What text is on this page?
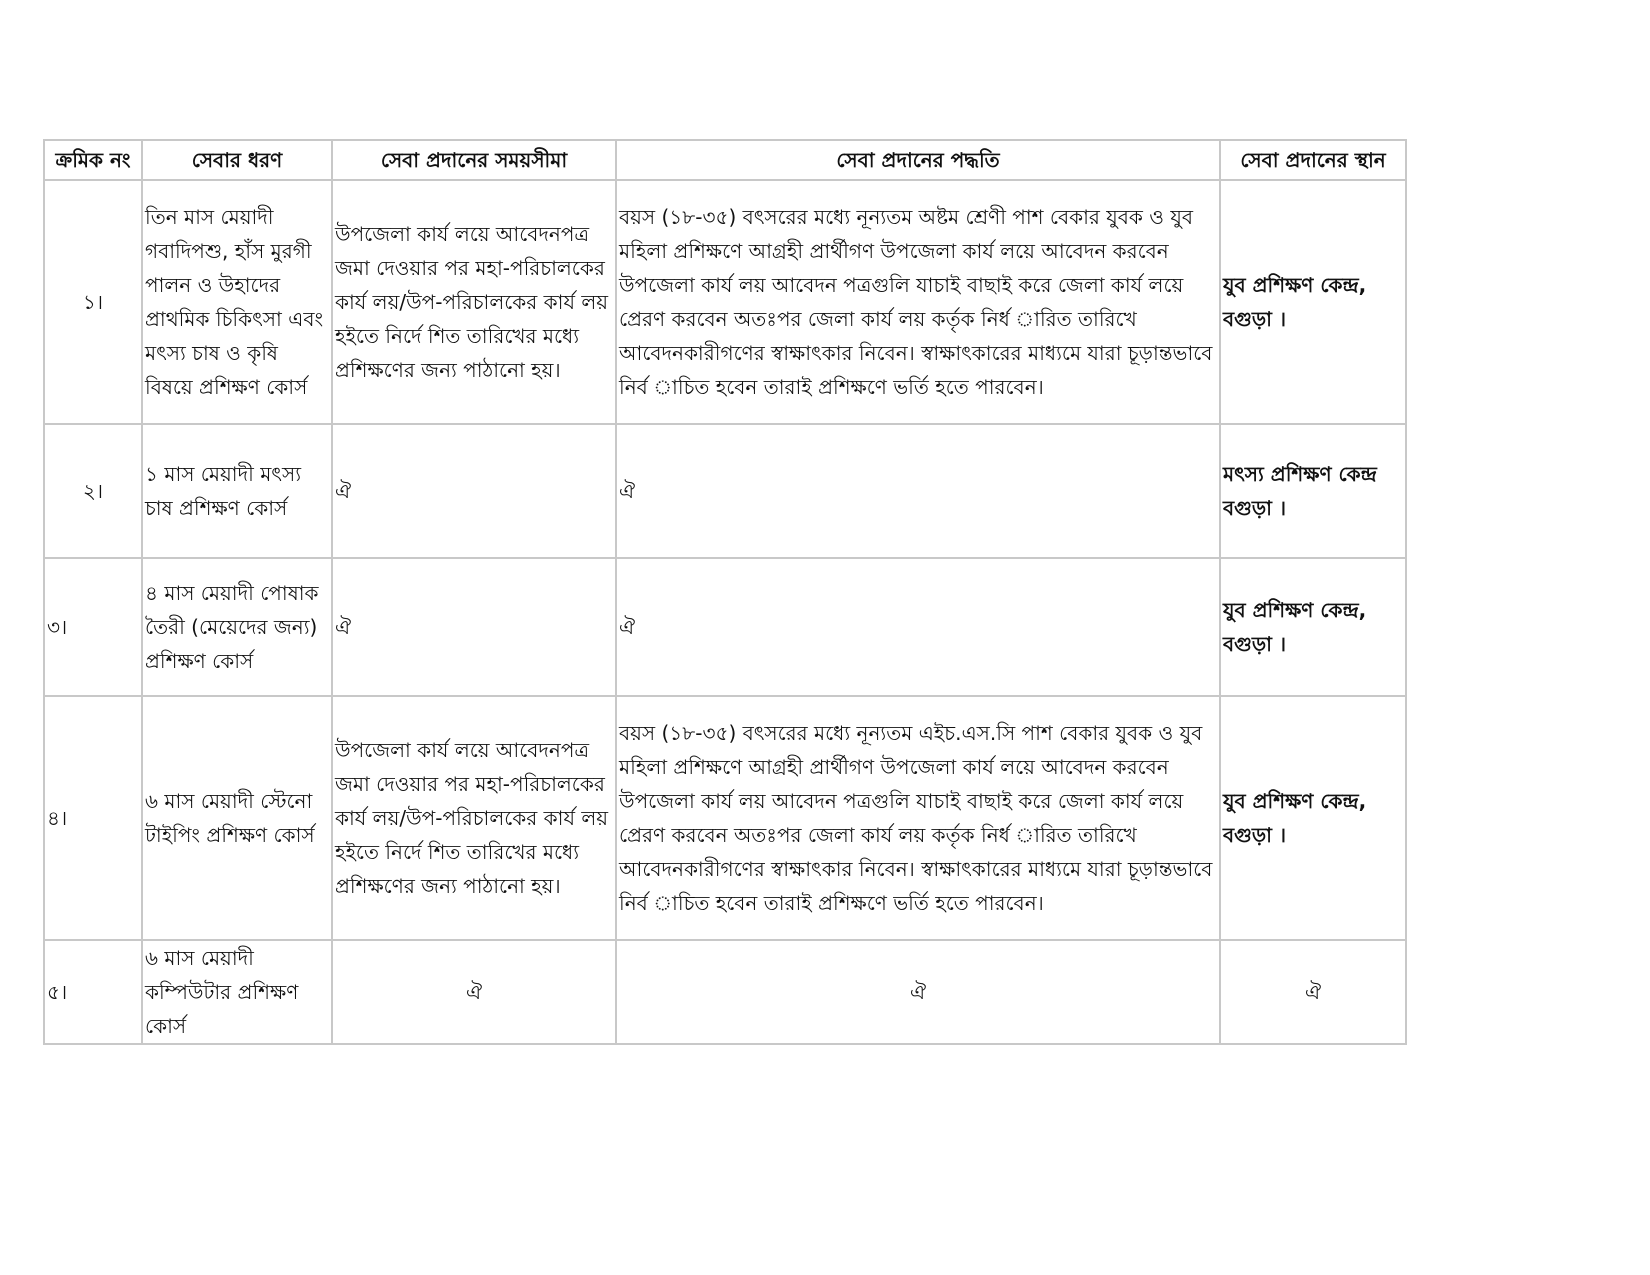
ক্রমিক নং	সেবার ধরণ	সেবা প্রদানের সময়সীমা	সেবা প্রদানের পদ্ধতি	সেবা প্রদানের স্থান
১।	তিন মাস মেয়াদী গবাদিপশু, হাঁস মুরগী পালন ও উহাদের প্রাথমিক চিকিৎসা এবং মৎস্য চাষ ও কৃষি বিষয়ে প্রশিক্ষণ কোর্স	উপজেলা কার্য লয়ে আবেদনপত্র জমা দেওয়ার পর মহা-পরিচালকের কার্য লয়/উপ-পরিচালকের কার্য লয় হইতে নির্দে শিত তারিখের মধ্যে প্রশিক্ষণের জন্য পাঠানো হয়।	বয়স (১৮-৩৫) বৎসরের মধ্যে নূন্যতম অষ্টম শ্রেণী পাশ বেকার যুবক ও যুব মহিলা প্রশিক্ষণে আগ্রহী প্রার্থীগণ উপজেলা কার্য লয়ে আবেদন করবেন উপজেলা কার্য লয় আবেদন পত্রগুলি যাচাই বাছাই করে জেলা কার্য লয়ে প্রেরণ করবেন অতঃপর জেলা কার্য লয় কর্তৃক নির্ধ ারিত তারিখে আবেদনকারীগণের স্বাক্ষাৎকার নিবেন। স্বাক্ষাৎকারের মাধ্যমে যারা চূড়ান্তভাবে নির্ব াচিত হবেন তারাই প্রশিক্ষণে ভর্তি হতে পারবেন।	যুব প্রশিক্ষণ কেন্দ্র, বগুড়া ।
২।	১ মাস মেয়াদী মৎস্য চাষ প্রশিক্ষণ কোর্স	ঐ	ঐ	মৎস্য প্রশিক্ষণ কেন্দ্র বগুড়া ।
৩।	৪ মাস মেয়াদী পোষাক তৈরী (মেয়েদের জন্য) প্রশিক্ষণ কোর্স	ঐ	ঐ	যুব প্রশিক্ষণ কেন্দ্র, বগুড়া ।
৪।	৬ মাস মেয়াদী স্টেনো টাইপিং প্রশিক্ষণ কোর্স	উপজেলা কার্য লয়ে আবেদনপত্র জমা দেওয়ার পর মহা-পরিচালকের কার্য লয়/উপ-পরিচালকের কার্য লয় হইতে নির্দে শিত তারিখের মধ্যে প্রশিক্ষণের জন্য পাঠানো হয়।	বয়স (১৮-৩৫) বৎসরের মধ্যে নূন্যতম এইচ.এস.সি পাশ বেকার যুবক ও যুব মহিলা প্রশিক্ষণে আগ্রহী প্রার্থীগণ উপজেলা কার্য লয়ে আবেদন করবেন উপজেলা কার্য লয় আবেদন পত্রগুলি যাচাই বাছাই করে জেলা কার্য লয়ে প্রেরণ করবেন অতঃপর জেলা কার্য লয় কর্তৃক নির্ধ ারিত তারিখে আবেদনকারীগণের স্বাক্ষাৎকার নিবেন। স্বাক্ষাৎকারের মাধ্যমে যারা চূড়ান্তভাবে নির্ব াচিত হবেন তারাই প্রশিক্ষণে ভর্তি হতে পারবেন।	যুব প্রশিক্ষণ কেন্দ্র, বগুড়া ।
৫।	৬ মাস মেয়াদী কম্পিউটার প্রশিক্ষণ কোর্স	ঐ	ঐ	ঐ
